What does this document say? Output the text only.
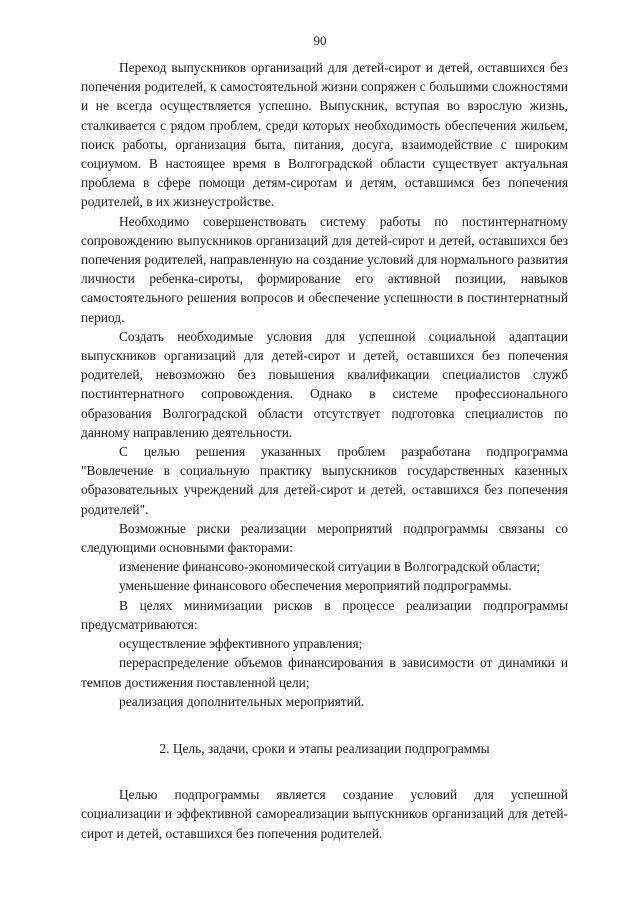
90

Переход выпускников организаций для детей-сирот и детей, оставшихся без попечения родителей, к самостоятельной жизни сопряжен с большими сложностями и не всегда осуществляется успешно. Выпускник, вступая во взрослую жизнь, сталкивается с рядом проблем, среди которых необходимость обеспечения жильем, поиск работы, организация быта, питания, досуга, взаимодействие с широким социумом. В настоящее время в Волгоградской области существует актуальная проблема в сфере помощи детям-сиротам и детям, оставшимся без попечения родителей, в их жизнеустройстве.

Необходимо совершенствовать систему работы по постинтернатному сопровождению выпускников организаций для детей-сирот и детей, оставшихся без попечения родителей, направленную на создание условий для нормального развития личности ребенка-сироты, формирование его активной позиции, навыков самостоятельного решения вопросов и обеспечение успешности в постинтернатный период.

Создать необходимые условия для успешной социальной адаптации выпускников организаций для детей-сирот и детей, оставшихся без попечения родителей, невозможно без повышения квалификации специалистов служб постинтернатного сопровождения. Однако в системе профессионального образования Волгоградской области отсутствует подготовка специалистов по данному направлению деятельности.

С целью решения указанных проблем разработана подпрограмма "Вовлечение в социальную практику выпускников государственных казенных образовательных учреждений для детей-сирот и детей, оставшихся без попечения родителей".

Возможные риски реализации мероприятий подпрограммы связаны со следующими основными факторами:

изменение финансово-экономической ситуации в Волгоградской области;

уменьшение финансового обеспечения мероприятий подпрограммы.

В целях минимизации рисков в процессе реализации подпрограммы предусматриваются:

осуществление эффективного управления;

перераспределение объемов финансирования в зависимости от динамики и темпов достижения поставленной цели;

реализация дополнительных мероприятий.

2. Цель, задачи, сроки и этапы реализации подпрограммы

Целью подпрограммы является создание условий для успешной социализации и эффективной самореализации выпускников организаций для детей-сирот и детей, оставшихся без попечения родителей.
